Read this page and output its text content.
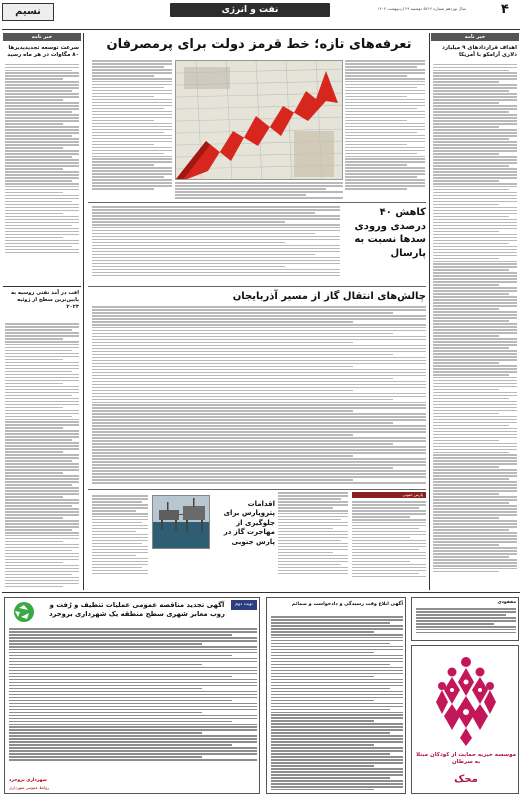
نسیم	نفت و انرژی	سال نوزدهم شماره ۵۲۶۶ دوشنبه ۲۹ اردیبهشت ۱۴۰۴	۴
خبر نامه
اهداف قرارداد‌های ۹ میلیارد دلاری آرامکو با آمریکا
خبر نامه
سرعت توسعه تجدید‌پذیرها ۸۰ مگاوات در هر ماه رسید
افت در آمد نفتی روسیه به پایین‌ترین سطح از ژوئیه ۲۰۲۳
تعرفه‌های تازه؛ خط قرمز دولت برای پرمصرفان
کاهش ۴۰ درصدی ورودی سدها نسبت به پارسال
چالش‌های انتقال گاز از مسیر آذربایجان
پارس جنوبی
اقدامات پتروپارس برای جلوگیری از مهاجرت گاز در پارس جنوبی
نوبت دوم
آگهی تجدید مناقصه عمومی عملیات تنظیف و رُفت و روب معابر شهری سطح منطقه یک شهرداری بروجرد
شهرداری بروجرد
روابط عمومی شهرداری
آگهی ابلاغ وقت رسیدگی و دادخواست و ضمائم	مفقودی
موسسه خیریه حمایت از کودکان مبتلا به سرطان
محک
